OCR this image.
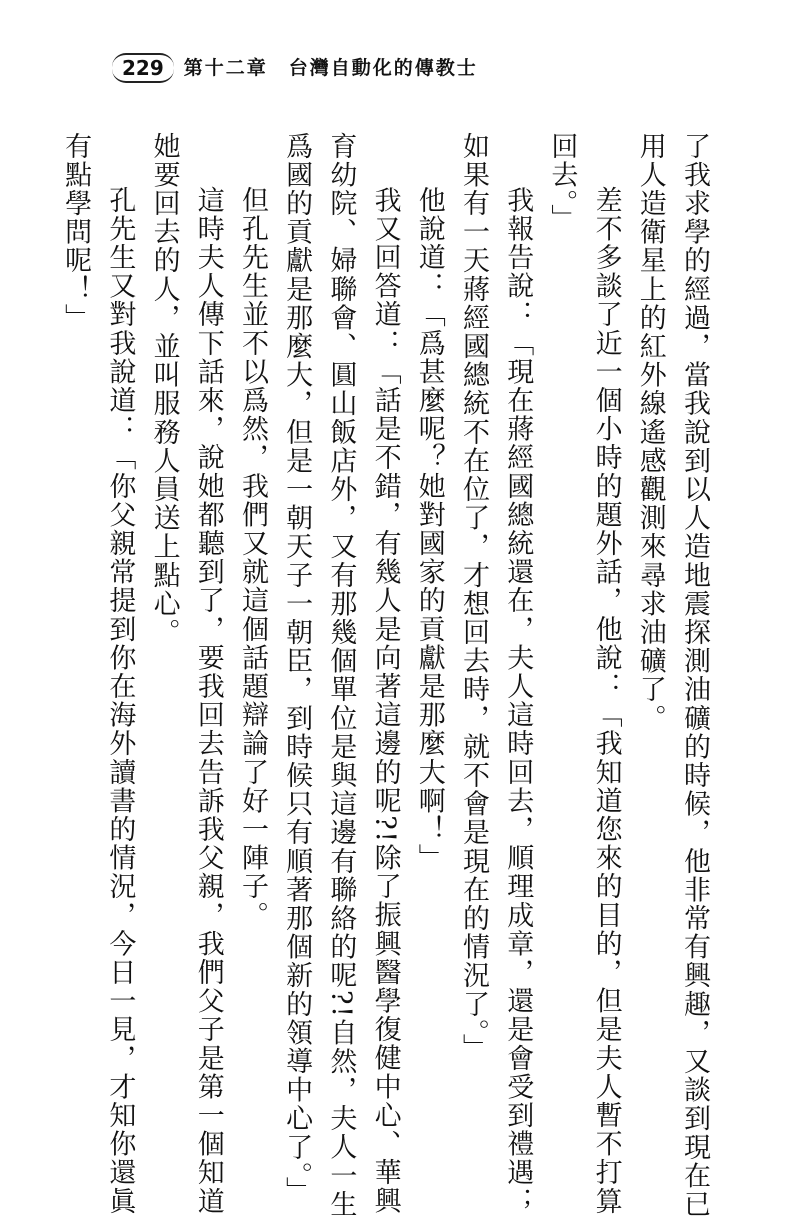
229	第十二章　台灣自動化的傳教士
了我求學的經過，當我說到以人造地震探測油礦的時候，他非常有興趣，又談到現在已
用人造衛星上的紅外線遙感觀測來尋求油礦了。
差不多談了近一個小時的題外話，他說：「我知道您來的目的，但是夫人暫不打算
回去。」
我報告說：「現在蔣經國總統還在，夫人這時回去，順理成章，還是會受到禮遇；
如果有一天蔣經國總統不在位了，才想回去時，就不會是現在的情況了。」
他說道：「爲甚麼呢？她對國家的貢獻是那麼大啊！」
我又回答道：「話是不錯，有幾人是向著這邊的呢?!除了振興醫學復健中心、華興
育幼院、婦聯會、圓山飯店外，又有那幾個單位是與這邊有聯絡的呢?!自然，夫人一生
爲國的貢獻是那麼大，但是一朝天子一朝臣，到時候只有順著那個新的領導中心了。」
但孔先生並不以爲然，我們又就這個話題辯論了好一陣子。
這時夫人傳下話來，說她都聽到了，要我回去告訴我父親，我們父子是第一個知道
她要回去的人，並叫服務人員送上點心。
孔先生又對我說道：「你父親常提到你在海外讀書的情況，今日一見，才知你還眞
有點學問呢！」
